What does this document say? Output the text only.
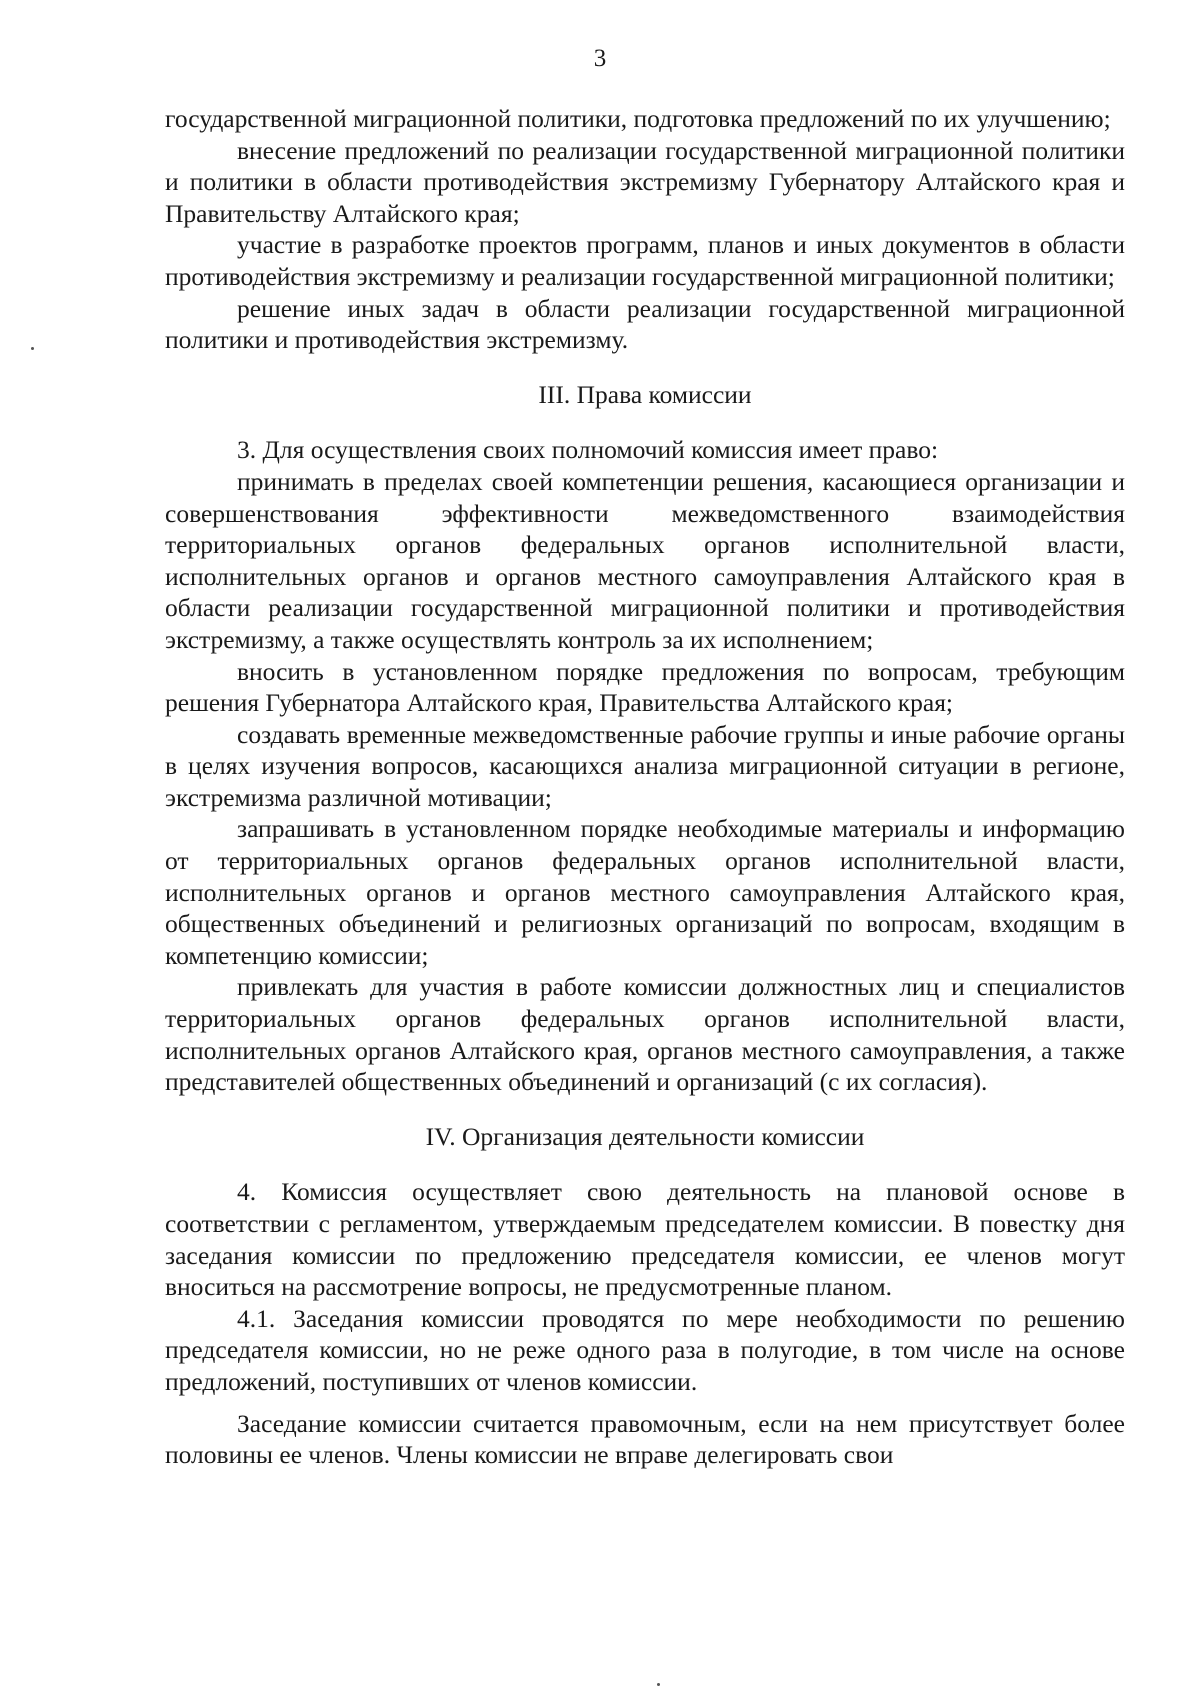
3

государственной миграционной политики, подготовка предложений по их улучшению;

внесение предложений по реализации государственной миграционной политики и политики в области противодействия экстремизму Губернатору Алтайского края и Правительству Алтайского края;

участие в разработке проектов программ, планов и иных документов в области противодействия экстремизму и реализации государственной миграционной политики;

решение иных задач в области реализации государственной миграционной политики и противодействия экстремизму.

III. Права комиссии

3. Для осуществления своих полномочий комиссия имеет право:

принимать в пределах своей компетенции решения, касающиеся организации и совершенствования эффективности межведомственного взаимодействия территориальных органов федеральных органов исполнительной власти, исполнительных органов и органов местного самоуправления Алтайского края в области реализации государственной миграционной политики и противодействия экстремизму, а также осуществлять контроль за их исполнением;

вносить в установленном порядке предложения по вопросам, требующим решения Губернатора Алтайского края, Правительства Алтайского края;

создавать временные межведомственные рабочие группы и иные рабочие органы в целях изучения вопросов, касающихся анализа миграционной ситуации в регионе, экстремизма различной мотивации;

запрашивать в установленном порядке необходимые материалы и информацию от территориальных органов федеральных органов исполнительной власти, исполнительных органов и органов местного самоуправления Алтайского края, общественных объединений и религиозных организаций по вопросам, входящим в компетенцию комиссии;

привлекать для участия в работе комиссии должностных лиц и специалистов территориальных органов федеральных органов исполнительной власти, исполнительных органов Алтайского края, органов местного самоуправления, а также представителей общественных объединений и организаций (с их согласия).

IV. Организация деятельности комиссии

4. Комиссия осуществляет свою деятельность на плановой основе в соответствии с регламентом, утверждаемым председателем комиссии. В повестку дня заседания комиссии по предложению председателя комиссии, ее членов могут вноситься на рассмотрение вопросы, не предусмотренные планом.

4.1. Заседания комиссии проводятся по мере необходимости по решению председателя комиссии, но не реже одного раза в полугодие, в том числе на основе предложений, поступивших от членов комиссии.

Заседание комиссии считается правомочным, если на нем присутствует более половины ее членов. Члены комиссии не вправе делегировать свои
